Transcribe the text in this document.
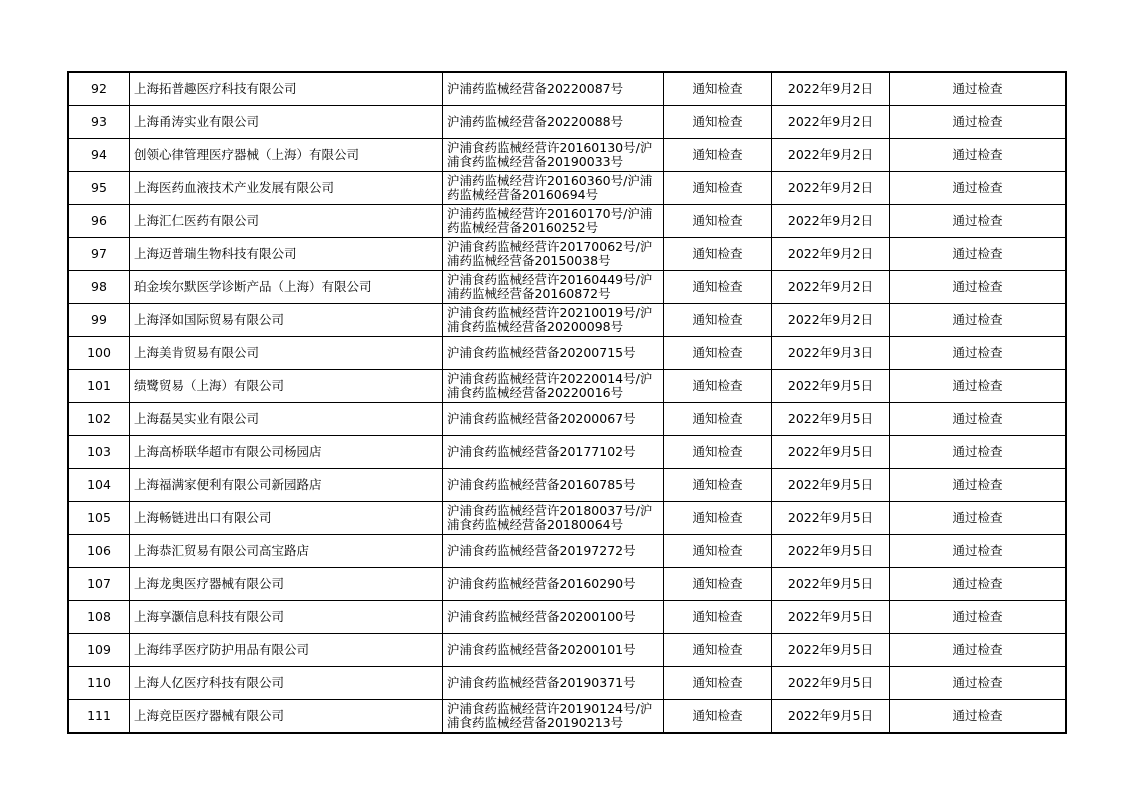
92	上海拓普趣医疗科技有限公司	沪浦药监械经营备20220087号	通知检查	2022年9月2日	通过检查
93	上海甬涛实业有限公司	沪浦药监械经营备20220088号	通知检查	2022年9月2日	通过检查
94	创领心律管理医疗器械（上海）有限公司	沪浦食药监械经营许20160130号/沪浦食药监械经营备20190033号	通知检查	2022年9月2日	通过检查
95	上海医药血液技术产业发展有限公司	沪浦药监械经营许20160360号/沪浦药监械经营备20160694号	通知检查	2022年9月2日	通过检查
96	上海汇仁医药有限公司	沪浦药监械经营许20160170号/沪浦药监械经营备20160252号	通知检查	2022年9月2日	通过检查
97	上海迈普瑞生物科技有限公司	沪浦食药监械经营许20170062号/沪浦药监械经营备20150038号	通知检查	2022年9月2日	通过检查
98	珀金埃尔默医学诊断产品（上海）有限公司	沪浦食药监械经营许20160449号/沪浦药监械经营备20160872号	通知检查	2022年9月2日	通过检查
99	上海泽如国际贸易有限公司	沪浦食药监械经营许20210019号/沪浦食药监械经营备20200098号	通知检查	2022年9月2日	通过检查
100	上海美肯贸易有限公司	沪浦食药监械经营备20200715号	通知检查	2022年9月3日	通过检查
101	绩鹭贸易（上海）有限公司	沪浦食药监械经营许20220014号/沪浦食药监械经营备20220016号	通知检查	2022年9月5日	通过检查
102	上海磊昊实业有限公司	沪浦食药监械经营备20200067号	通知检查	2022年9月5日	通过检查
103	上海高桥联华超市有限公司杨园店	沪浦食药监械经营备20177102号	通知检查	2022年9月5日	通过检查
104	上海福满家便利有限公司新园路店	沪浦食药监械经营备20160785号	通知检查	2022年9月5日	通过检查
105	上海畅链进出口有限公司	沪浦食药监械经营许20180037号/沪浦食药监械经营备20180064号	通知检查	2022年9月5日	通过检查
106	上海恭汇贸易有限公司高宝路店	沪浦食药监械经营备20197272号	通知检查	2022年9月5日	通过检查
107	上海龙奥医疗器械有限公司	沪浦食药监械经营备20160290号	通知检查	2022年9月5日	通过检查
108	上海享灏信息科技有限公司	沪浦食药监械经营备20200100号	通知检查	2022年9月5日	通过检查
109	上海纬孚医疗防护用品有限公司	沪浦食药监械经营备20200101号	通知检查	2022年9月5日	通过检查
110	上海人亿医疗科技有限公司	沪浦食药监械经营备20190371号	通知检查	2022年9月5日	通过检查
111	上海竞臣医疗器械有限公司	沪浦食药监械经营许20190124号/沪浦食药监械经营备20190213号	通知检查	2022年9月5日	通过检查
